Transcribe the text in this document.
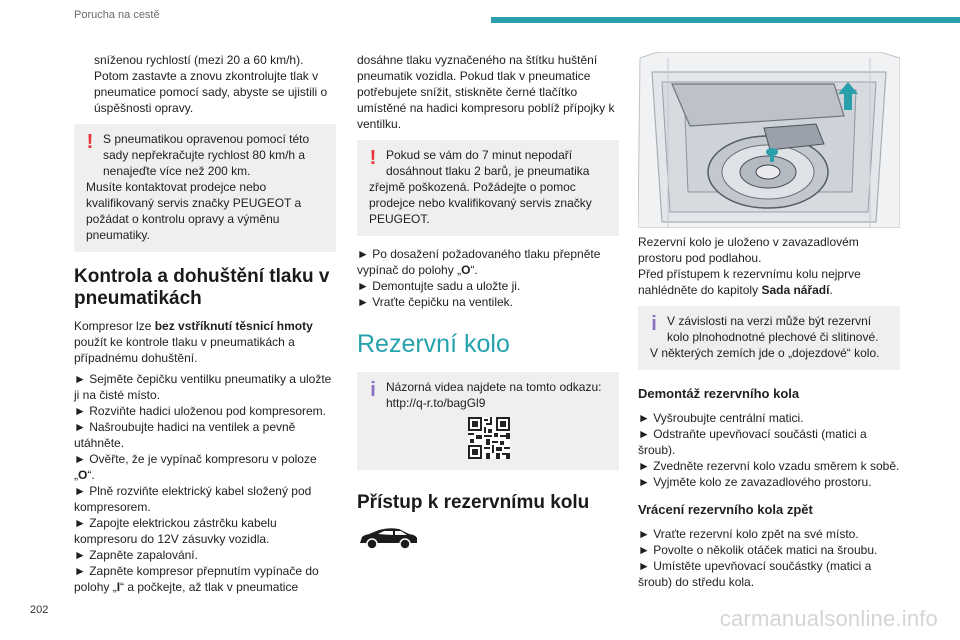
Porucha na cestě

sníženou rychlostí (mezi 20 a 60 km/h). Potom zastavte a znovu zkontrolujte tlak v pneumatice pomocí sady, abyste se ujistili o úspěšnosti opravy.

! S pneumatikou opravenou pomocí této sady nepřekračujte rychlost 80 km/h a nenajeďte více než 200 km.
Musíte kontaktovat prodejce nebo kvalifikovaný servis značky PEUGEOT a požádat o kontrolu opravy a výměnu pneumatiky.
Kontrola a dohuštění tlaku v pneumatikách

Kompresor lze bez vstříknutí těsnicí hmoty použít ke kontrole tlaku v pneumatikách a případnému dohuštění.

► Sejměte čepičku ventilku pneumatiky a uložte ji na čisté místo.
► Rozviňte hadici uloženou pod kompresorem.
► Našroubujte hadici na ventilek a pevně utáhněte.
► Ověřte, že je vypínač kompresoru v poloze „O“.
► Plně rozviňte elektrický kabel složený pod kompresorem.
► Zapojte elektrickou zástrčku kabelu kompresoru do 12V zásuvky vozidla.
► Zapněte zapalování.
► Zapněte kompresor přepnutím vypínače do polohy „I“ a počkejte, až tlak v pneumatice

dosáhne tlaku vyznačeného na štítku huštění pneumatik vozidla. Pokud tlak v pneumatice potřebujete snížit, stiskněte černé tlačítko umístěné na hadici kompresoru poblíž přípojky k ventilku.

! Pokud se vám do 7 minut nepodaří dosáhnout tlaku 2 barů, je pneumatika
zřejmě poškozená. Požádejte o pomoc prodejce nebo kvalifikovaný servis značky PEUGEOT.
► Po dosažení požadovaného tlaku přepněte vypínač do polohy „O“.
► Demontujte sadu a uložte ji.
► Vraťte čepičku na ventilek.
Rezervní kolo
i Názorná videa najdete na tomto odkazu:
http://q-r.to/bagGl9
Přístup k rezervnímu kolu

Rezervní kolo je uloženo v zavazadlovém prostoru pod podlahou.

Před přístupem k rezervnímu kolu nejprve nahlédněte do kapitoly Sada nářadí.

i V závislosti na verzi může být rezervní kolo plnohodnotné plechové či slitinové.
V některých zemích jde o „dojezdové“ kolo.
Demontáž rezervního kola
► Vyšroubujte centrální matici.
► Odstraňte upevňovací součásti (matici a šroub).
► Zvedněte rezervní kolo vzadu směrem k sobě.
► Vyjměte kolo ze zavazadlového prostoru.
Vrácení rezervního kola zpět
► Vraťte rezervní kolo zpět na své místo.
► Povolte o několik otáček matici na šroubu.
► Umístěte upevňovací součástky (matici a šroub) do středu kola.
202	carmanualsonline.info
